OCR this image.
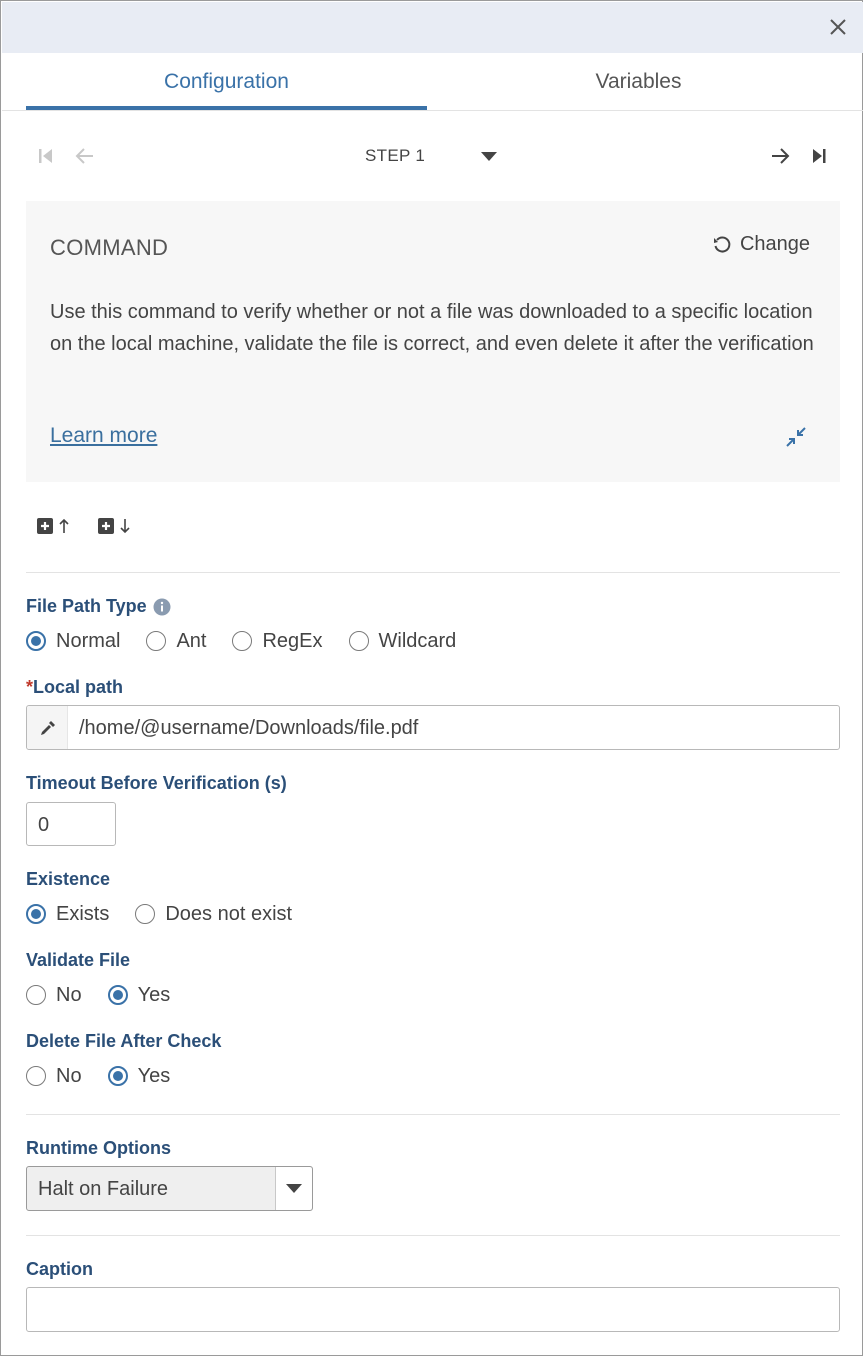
Configuration	Variables
STEP 1
COMMAND	Change
Use this command to verify whether or not a file was downloaded to a specific location on the local machine, validate the file is correct, and even delete it after the verification
Learn more
File Path Type
Normal	Ant	RegEx	Wildcard
*Local path
/home/@username/Downloads/file.pdf
Timeout Before Verification (s)
0
Existence
Exists	Does not exist
Validate File
No	Yes
Delete File After Check
No	Yes
Runtime Options
Halt on Failure
Caption
